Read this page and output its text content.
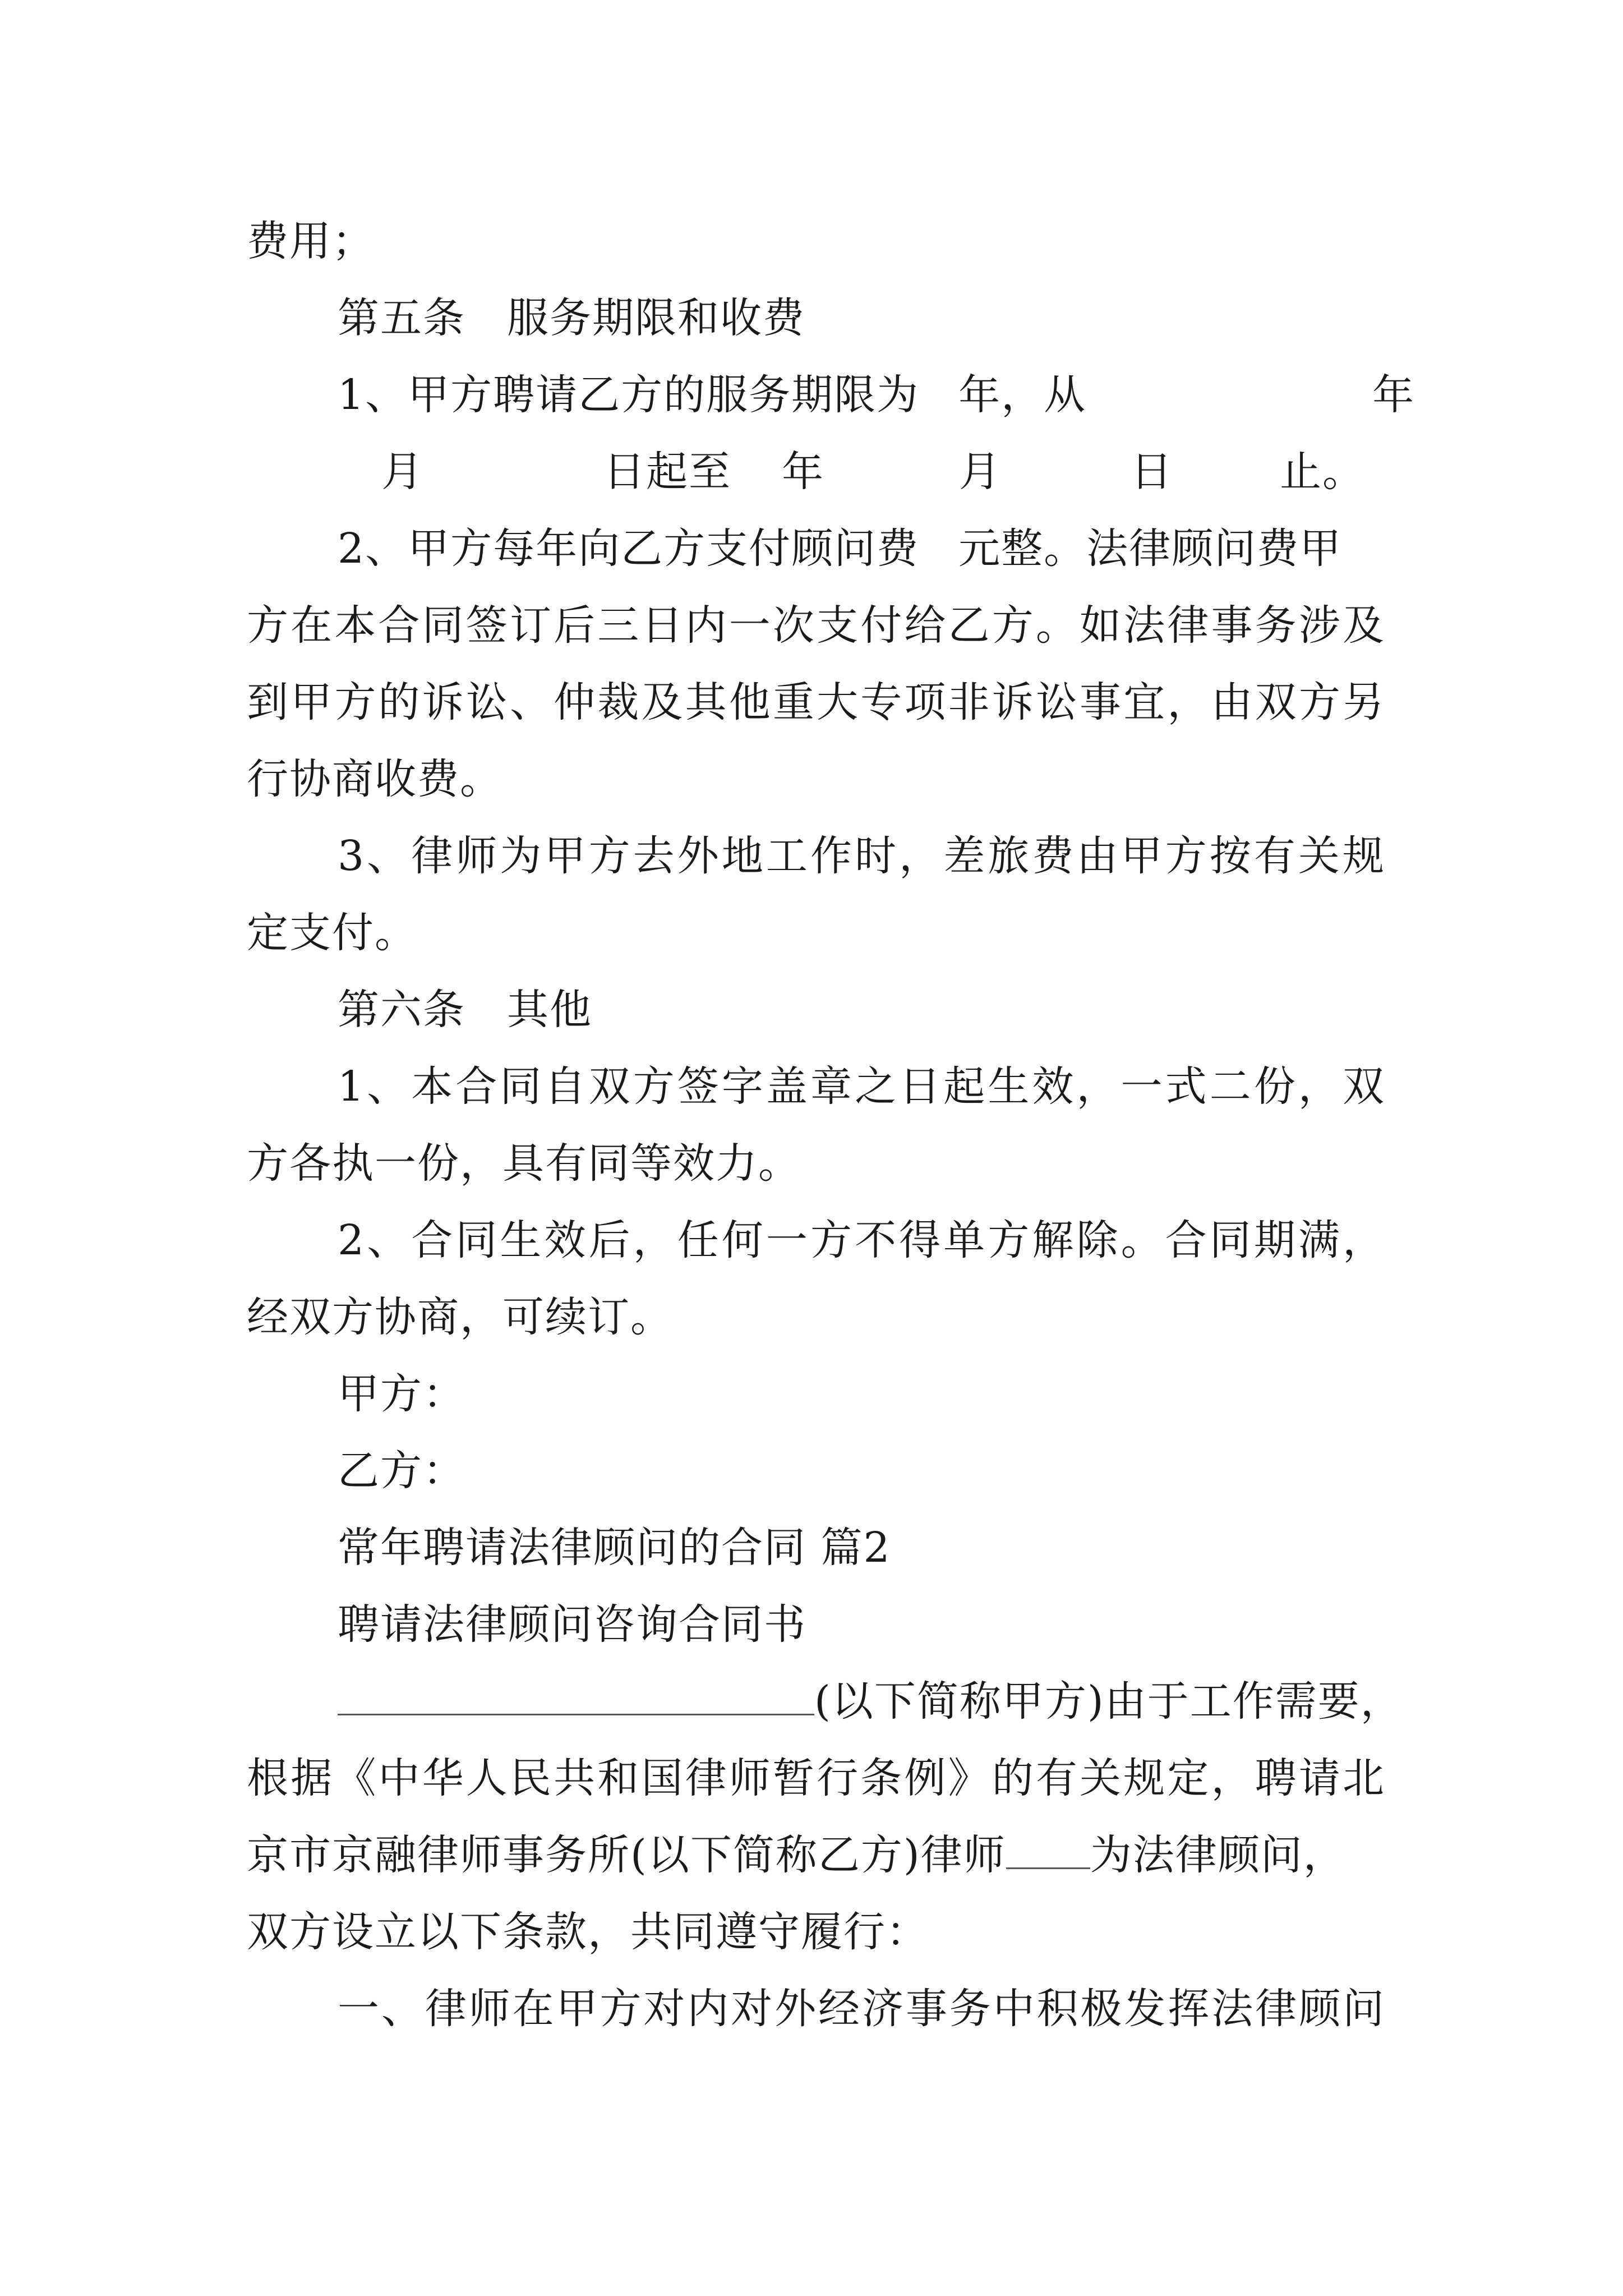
费用；
第五条 服务期限和收费
1、甲方聘请乙方的服务期限为 年，从	年
月	日起至 年	月	日	止。
2、甲方每年向乙方支付顾问费 元整。法律顾问费甲
方在本合同签订后三日内一次支付给乙方。如法律事务涉及
到甲方的诉讼、仲裁及其他重大专项非诉讼事宜，由双方另
行协商收费。
3、律师为甲方去外地工作时，差旅费由甲方按有关规
定支付。
第六条 其他
1、本合同自双方签字盖章之日起生效，一式二份，双
方各执一份，具有同等效力。
2、合同生效后，任何一方不得单方解除。合同期满，
经双方协商，可续订。
甲方：
乙方：
常年聘请法律顾问的合同 篇2
聘请法律顾问咨询合同书
(以下简称甲方)由于工作需要，
根据《中华人民共和国律师暂行条例》的有关规定，聘请北
京市京融律师事务所(以下简称乙方)律师 为法律顾问，
双方设立以下条款，共同遵守履行：
一、律师在甲方对内对外经济事务中积极发挥法律顾问
